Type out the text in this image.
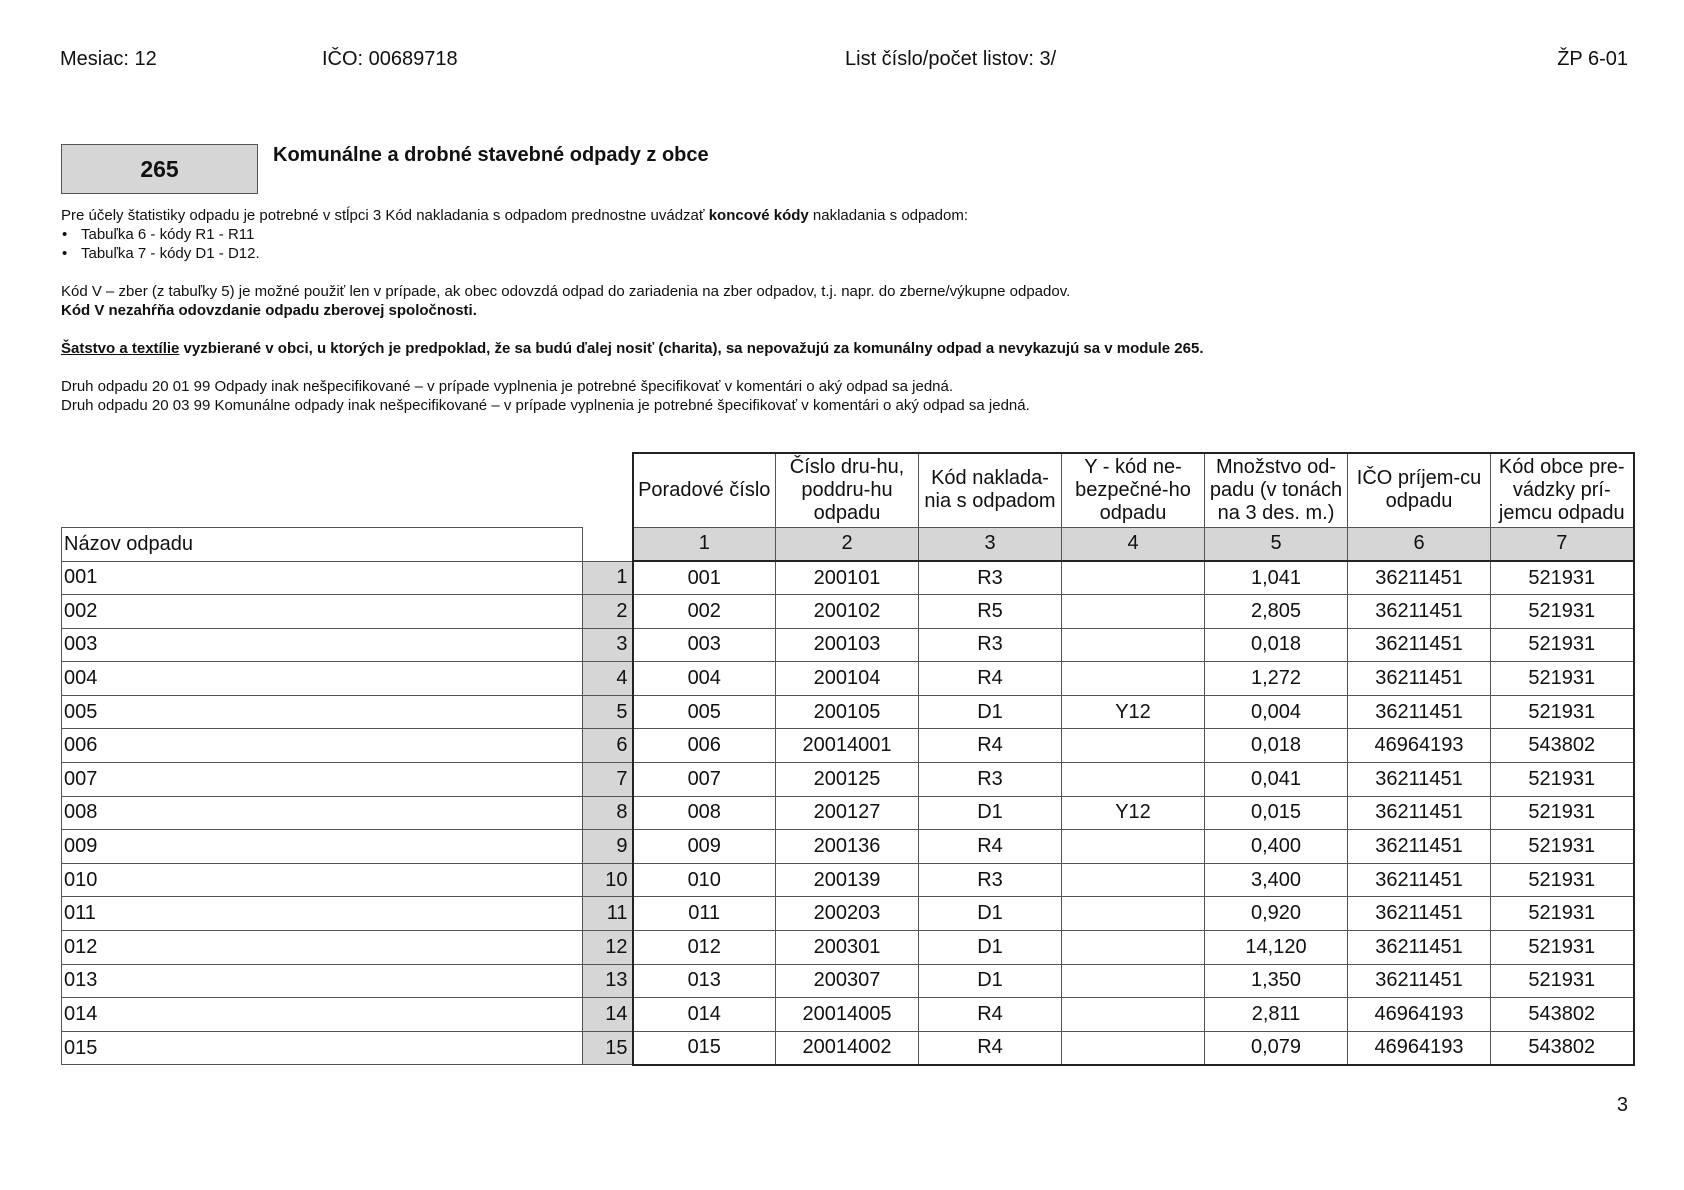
Mesiac: 12	IČO: 00689718	List číslo/počet listov: 3/	ŽP 6-01
265
Komunálne a drobné stavebné odpady z obce

Pre účely štatistiky odpadu je potrebné v stĺpci 3 Kód nakladania s odpadom prednostne uvádzať koncové kódy nakladania s odpadom:

• Tabuľka 6 - kódy R1 - R11
• Tabuľka 7 - kódy D1 - D12.

Kód V – zber (z tabuľky 5) je možné použiť len v prípade, ak obec odovzdá odpad do zariadenia na zber odpadov, t.j. napr. do zberne/výkupne odpadov.

Kód V nezahŕňa odovzdanie odpadu zberovej spoločnosti.

Šatstvo a textílie vyzbierané v obci, u ktorých je predpoklad, že sa budú ďalej nosiť (charita), sa nepovažujú za komunálny odpad a nevykazujú sa v module 265.

Druh odpadu 20 01 99 Odpady inak nešpecifikované – v prípade vyplnenia je potrebné špecifikovať v komentári o aký odpad sa jedná.

Druh odpadu 20 03 99 Komunálne odpady inak nešpecifikované – v prípade vyplnenia je potrebné špecifikovať v komentári o aký odpad sa jedná.

		Poradové číslo	Číslo dru-hu, poddru-hu odpadu	Kód naklada-nia s odpadom	Y - kód ne-bezpečné-ho odpadu	Množstvo od-padu (v tonách na 3 des. m.)	IČO príjem-cu odpadu	Kód obce pre-vádzky prí-jemcu odpadu
Názov odpadu		1	2	3	4	5	6	7
001	1	001	200101	R3		1,041	36211451	521931
002	2	002	200102	R5		2,805	36211451	521931
003	3	003	200103	R3		0,018	36211451	521931
004	4	004	200104	R4		1,272	36211451	521931
005	5	005	200105	D1	Y12	0,004	36211451	521931
006	6	006	20014001	R4		0,018	46964193	543802
007	7	007	200125	R3		0,041	36211451	521931
008	8	008	200127	D1	Y12	0,015	36211451	521931
009	9	009	200136	R4		0,400	36211451	521931
010	10	010	200139	R3		3,400	36211451	521931
011	11	011	200203	D1		0,920	36211451	521931
012	12	012	200301	D1		14,120	36211451	521931
013	13	013	200307	D1		1,350	36211451	521931
014	14	014	20014005	R4		2,811	46964193	543802
015	15	015	20014002	R4		0,079	46964193	543802
3
